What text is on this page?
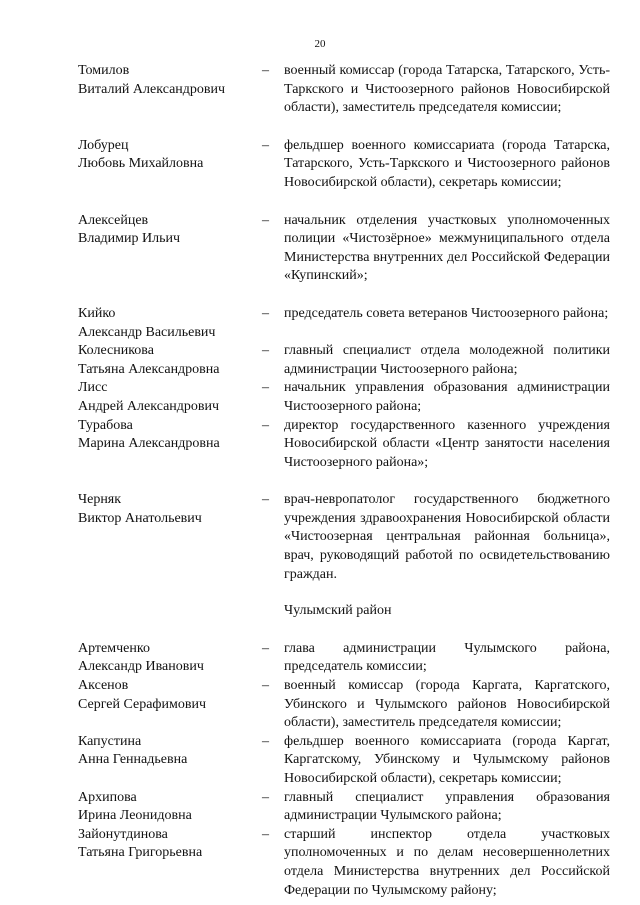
20
Томилов
Виталий Александрович
–	военный комиссар (города Татарска, Татарского, Усть-Таркского и Чистоозерного районов Новосибирской области), заместитель председателя комиссии;
Лобурец
Любовь Михайловна
–	фельдшер военного комиссариата (города Татарска, Татарского, Усть-Таркского и Чистоозерного районов Новосибирской области), секретарь комиссии;
Алексейцев
Владимир Ильич
–	начальник отделения участковых уполномоченных полиции «Чистозёрное» межмуниципального отдела Министерства внутренних дел Российской Федерации «Купинский»;
Кийко
Александр Васильевич
–	председатель совета ветеранов Чистоозерного района;
Колесникова
Татьяна Александровна
–	главный специалист отдела молодежной политики администрации Чистоозерного района;
Лисс
Андрей Александрович
–	начальник управления образования администрации Чистоозерного района;
Турабова
Марина Александровна
–	директор государственного казенного учреждения Новосибирской области «Центр занятости населения Чистоозерного района»;
Черняк
Виктор Анатольевич
–	врач-невропатолог государственного бюджетного учреждения здравоохранения Новосибирской области «Чистоозерная центральная районная больница», врач, руководящий работой по освидетельствованию граждан.
Чулымский район
Артемченко
Александр Иванович
–	глава администрации Чулымского района, председатель комиссии;
Аксенов
Сергей Серафимович
–	военный комиссар (города Каргата, Каргатского, Убинского и Чулымского районов Новосибирской области), заместитель председателя комиссии;
Капустина
Анна Геннадьевна
–	фельдшер военного комиссариата (города Каргат, Каргатскому, Убинскому и Чулымскому районов Новосибирской области), секретарь комиссии;
Архипова
Ирина Леонидовна
–	главный специалист управления образования администрации Чулымского района;
Зайонутдинова
Татьяна Григорьевна
–	старший инспектор отдела участковых уполномоченных и по делам несовершеннолетних отдела Министерства внутренних дел Российской Федерации по Чулымскому району;
